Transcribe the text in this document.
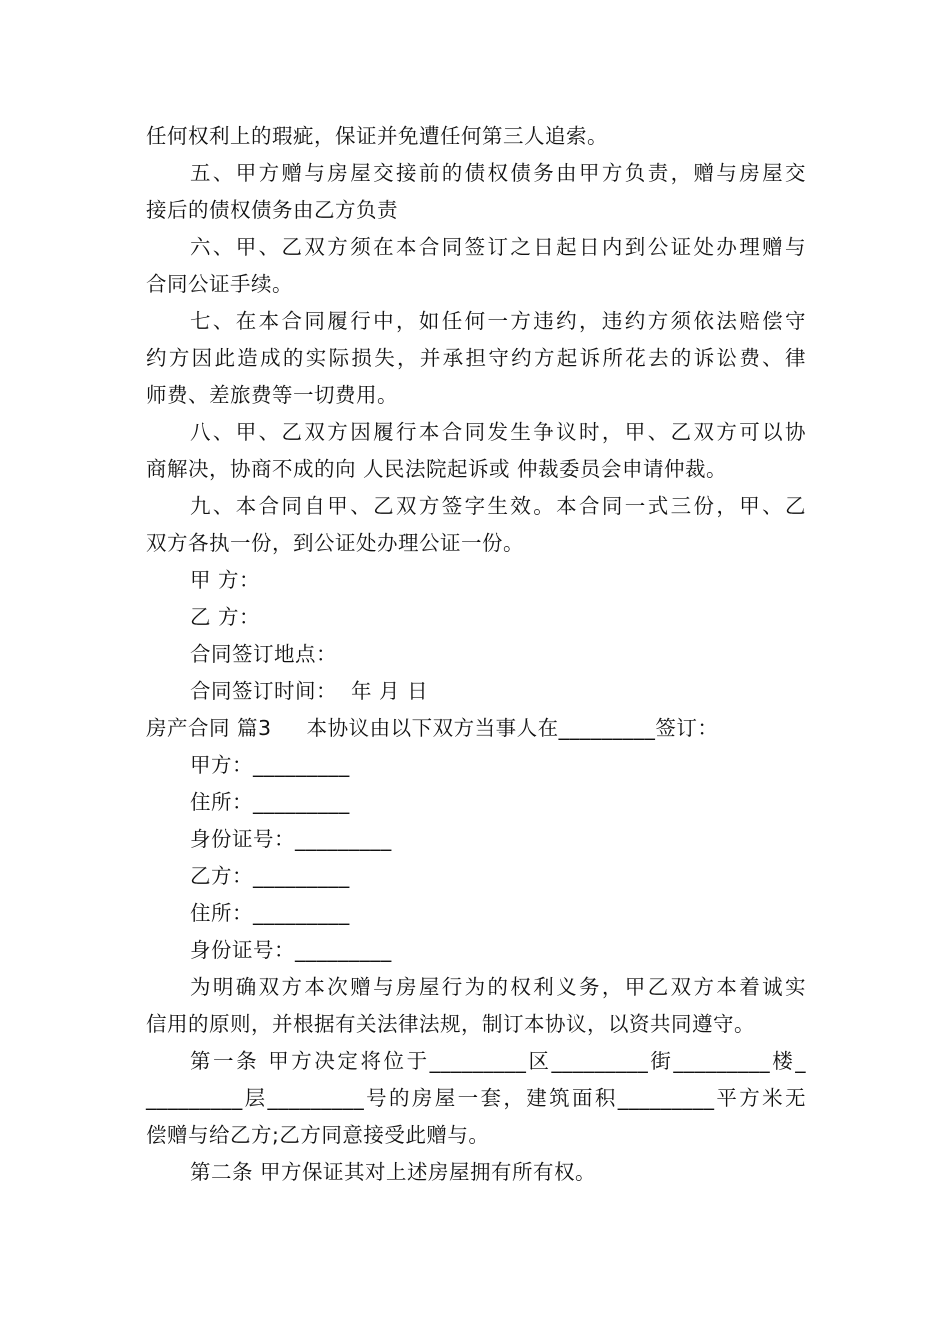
任何权利上的瑕疵，保证并免遭任何第三人追索。
五、甲方赠与房屋交接前的债权债务由甲方负责，赠与房屋交
接后的债权债务由乙方负责
六、甲、乙双方须在本合同签订之日起日内到公证处办理赠与
合同公证手续。
七、在本合同履行中，如任何一方违约，违约方须依法赔偿守
约方因此造成的实际损失，并承担守约方起诉所花去的诉讼费、律
师费、差旅费等一切费用。
八、甲、乙双方因履行本合同发生争议时，甲、乙双方可以协
商解决，协商不成的向 人民法院起诉或 仲裁委员会申请仲裁。
九、本合同自甲、乙双方签字生效。本合同一式三份，甲、乙
双方各执一份，到公证处办理公证一份。
甲 方：
乙 方：
合同签订地点：
合同签订时间：  年 月 日
房产合同 篇3     本协议由以下双方当事人在_________签订：
甲方：_________
住所：_________
身份证号：_________
乙方：_________
住所：_________
身份证号：_________
为明确双方本次赠与房屋行为的权利义务，甲乙双方本着诚实
信用的原则，并根据有关法律法规，制订本协议，以资共同遵守。
第一条 甲方决定将位于_________区_________街_________楼_
_________层_________号的房屋一套，建筑面积_________平方米无
偿赠与给乙方;乙方同意接受此赠与。
第二条 甲方保证其对上述房屋拥有所有权。
